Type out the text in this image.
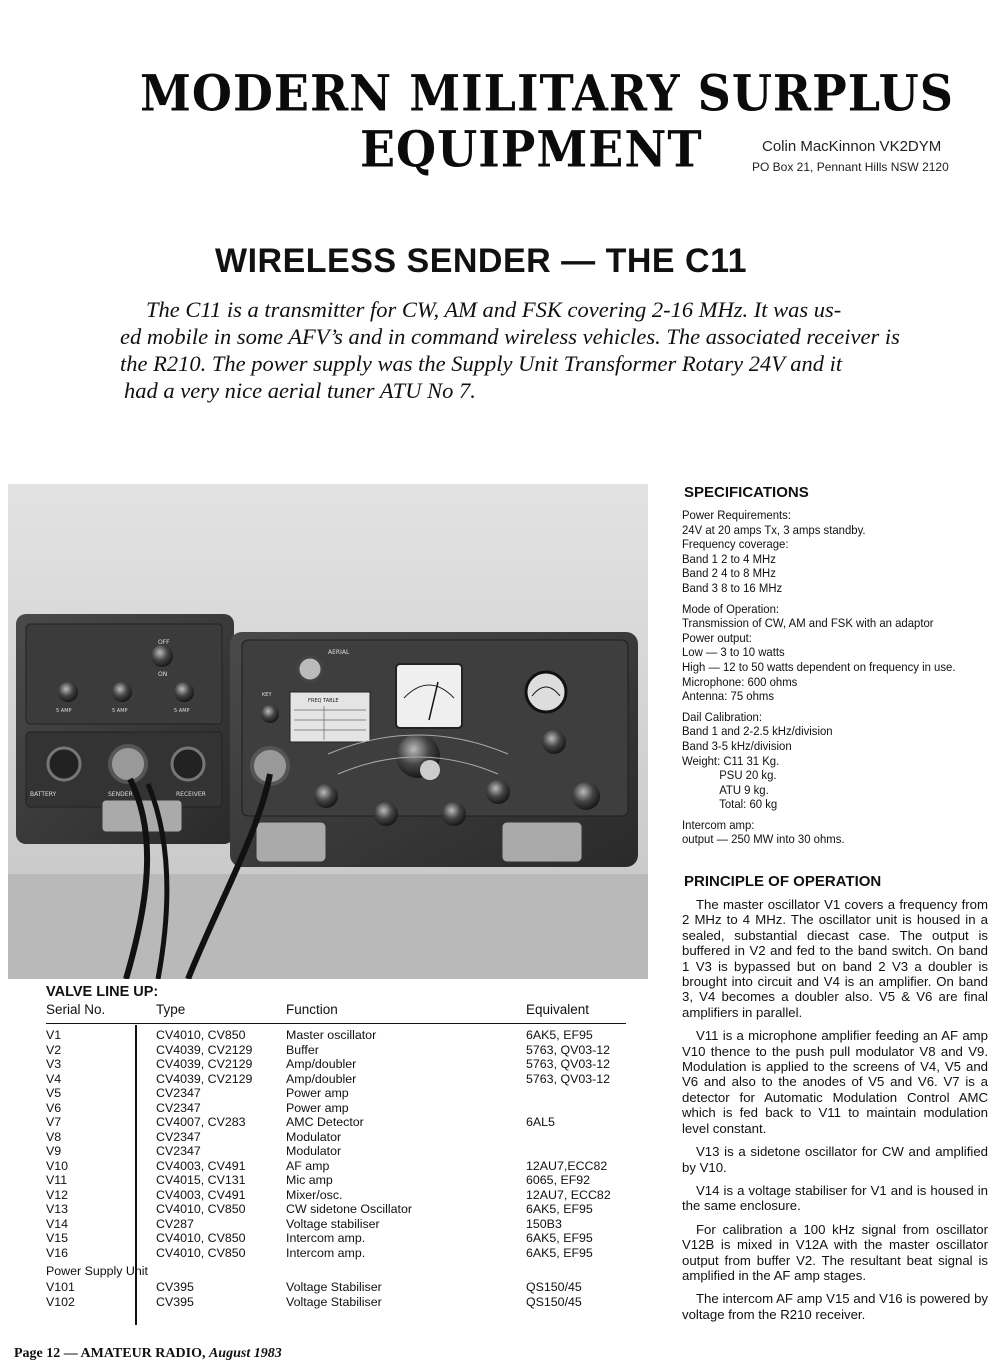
MODERN MILITARY SURPLUS
EQUIPMENT	Colin MacKinnon VK2DYM
PO Box 21, Pennant Hills NSW 2120
WIRELESS SENDER — THE C11
The C11 is a transmitter for CW, AM and FSK covering 2-16 MHz. It was us-
ed mobile in some AFV’s and in command wireless vehicles. The associated receiver is
the R210. The power supply was the Supply Unit Transformer Rotary 24V and it
had a very nice aerial tuner ATU No 7.
OFF
ON
5 AMP	5 AMP	5 AMP
BATTERY	SENDER	RECEIVER
AERIAL
KEY
FREQ TABLE
SPECIFICATIONS
Power Requirements:
24V at 20 amps Tx, 3 amps standby.
Frequency coverage:
Band 1 2 to 4 MHz
Band 2 4 to 8 MHz
Band 3 8 to 16 MHz
Mode of Operation:
Transmission of CW, AM and FSK with an adaptor
Power output:
Low — 3 to 10 watts
High — 12 to 50 watts dependent on frequency in use.
Microphone: 600 ohms
Antenna: 75 ohms
Dail Calibration:
Band 1 and 2-2.5 kHz/division
Band 3-5 kHz/division
Weight: C11 31 Kg.
PSU 20 kg.
ATU 9 kg.
Total: 60 kg
Intercom amp:
output — 250 MW into 30 ohms.
PRINCIPLE OF OPERATION

The master oscillator V1 covers a frequency from 2 MHz to 4 MHz. The oscillator unit is housed in a sealed, substantial diecast case. The output is buffered in V2 and fed to the band switch. On band 1 V3 is bypassed but on band 2 V3 a doubler is brought into circuit and V4 is an amplifier. On band 3, V4 becomes a doubler also. V5 & V6 are final amplifiers in parallel.

V11 is a microphone amplifier feeding an AF amp V10 thence to the push pull modulator V8 and V9. Modulation is applied to the screens of V4, V5 and V6 and also to the anodes of V5 and V6. V7 is a detector for Automatic Modulation Control AMC which is fed back to V11 to maintain modulation level constant.

V13 is a sidetone oscillator for CW and amplified by V10.

V14 is a voltage stabiliser for V1 and is housed in the same enclosure.

For calibration a 100 kHz signal from oscillator V12B is mixed in V12A with the master oscillator output from buffer V2. The resultant beat signal is amplified in the AF amp stages.

The intercom AF amp V15 and V16 is powered by voltage from the R210 receiver.

VALVE LINE UP:
Serial No.	Type	Function	Equivalent
V1	CV4010, CV850	Master oscillator	6AK5, EF95
V2	CV4039, CV2129	Buffer	5763, QV03-12
V3	CV4039, CV2129	Amp/doubler	5763, QV03-12
V4	CV4039, CV2129	Amp/doubler	5763, QV03-12
V5	CV2347	Power amp
V6	CV2347	Power amp
V7	CV4007, CV283	AMC Detector	6AL5
V8	CV2347	Modulator
V9	CV2347	Modulator
V10	CV4003, CV491	AF amp	12AU7,ECC82
V11	CV4015, CV131	Mic amp	6065, EF92
V12	CV4003, CV491	Mixer/osc.	12AU7, ECC82
V13	CV4010, CV850	CW sidetone Oscillator	6AK5, EF95
V14	CV287	Voltage stabiliser	150B3
V15	CV4010, CV850	Intercom amp.	6AK5, EF95
V16	CV4010, CV850	Intercom amp.	6AK5, EF95
Power Supply Unit
V101	CV395	Voltage Stabiliser	QS150/45
V102	CV395	Voltage Stabiliser	QS150/45
Page 12 — AMATEUR RADIO, August 1983
